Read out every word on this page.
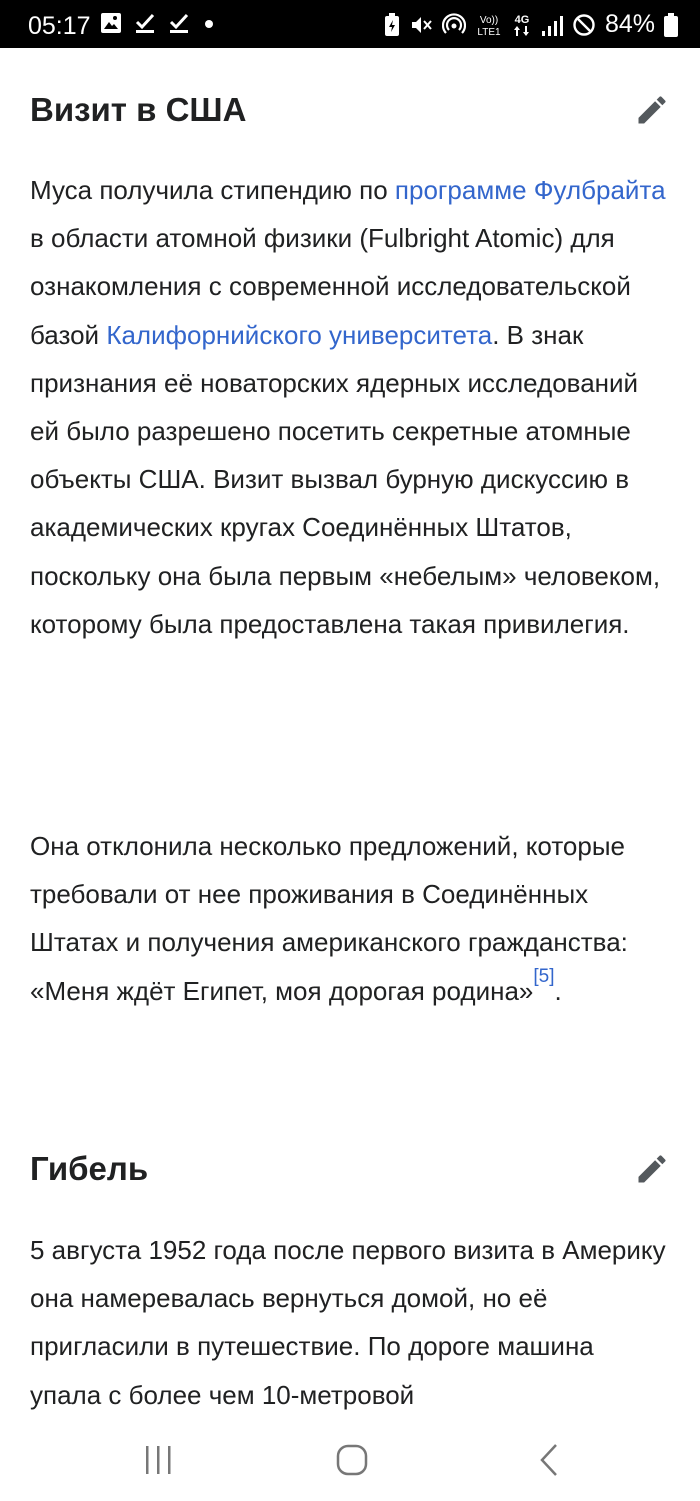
05:17	Vo))
LTE1
4G	84%
Визит в США

Муса получила стипендию по программе Фулбрайта в области атомной физики (Fulbright Atomic) для ознакомления с современной исследовательской базой Калифорнийского университета. В знак признания её новаторских ядерных исследований ей было разрешено посетить секретные атомные объекты США. Визит вызвал бурную дискуссию в академических кругах Соединённых Штатов, поскольку она была первым «небелым» человеком, которому была предоставлена такая привилегия.

Она отклонила несколько предложений, которые требовали от нее проживания в Соединённых Штатах и получения американского гражданства: «Меня ждёт Египет, моя дорогая родина»[5].

Гибель

5 августа 1952 года после первого визита в Америку она намеревалась вернуться домой, но её пригласили в путешествие. По дороге машина упала с более чем 10-метровой
